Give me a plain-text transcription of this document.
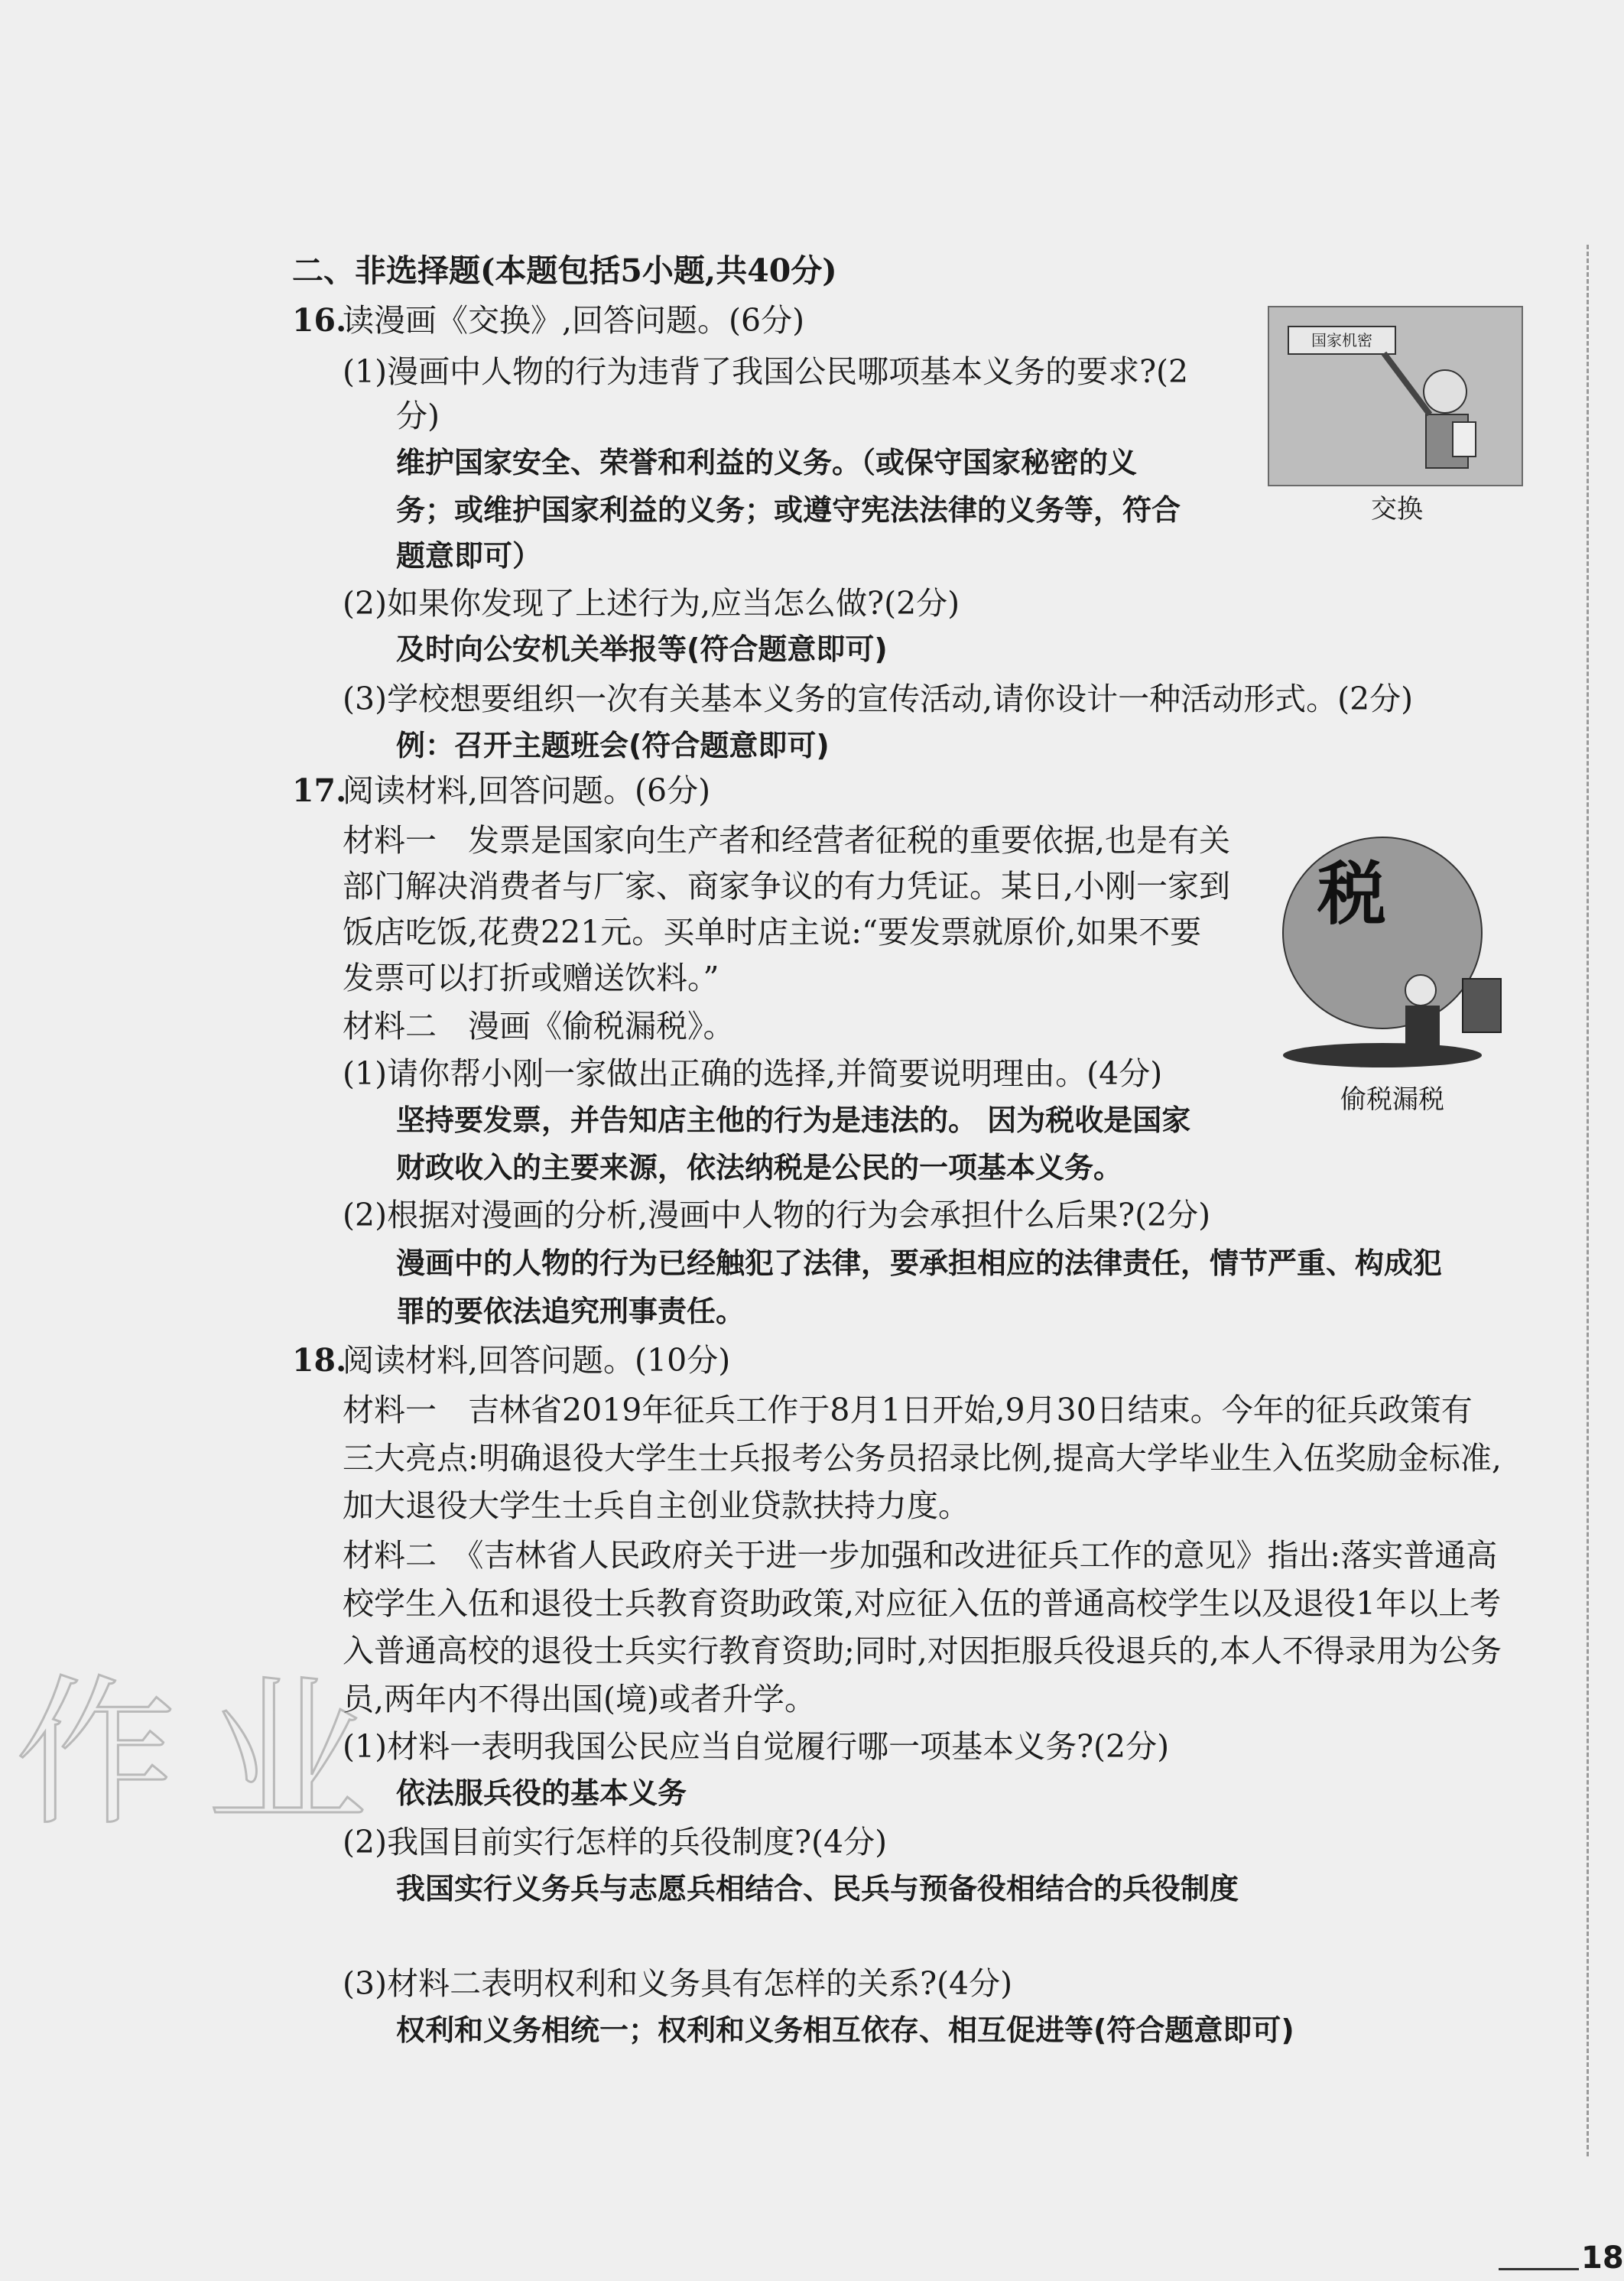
作业
二、非选择题(本题包括5小题,共40分)
16.
读漫画《交换》,回答问题。(6分)
(1)漫画中人物的行为违背了我国公民哪项基本义务的要求?(2
分)
维护国家安全、荣誉和利益的义务。（或保守国家秘密的义
务；或维护国家利益的义务；或遵守宪法法律的义务等，符合
题意即可）
(2)如果你发现了上述行为,应当怎么做?(2分)
及时向公安机关举报等(符合题意即可)
(3)学校想要组织一次有关基本义务的宣传活动,请你设计一种活动形式。(2分)
例：召开主题班会(符合题意即可)
国家机密
交换
17.
阅读材料,回答问题。(6分)
材料一　发票是国家向生产者和经营者征税的重要依据,也是有关
部门解决消费者与厂家、商家争议的有力凭证。某日,小刚一家到
饭店吃饭,花费221元。买单时店主说:“要发票就原价,如果不要
发票可以打折或赠送饮料。”
材料二　漫画《偷税漏税》。
(1)请你帮小刚一家做出正确的选择,并简要说明理由。(4分)
坚持要发票，并告知店主他的行为是违法的。 因为税收是国家
财政收入的主要来源，依法纳税是公民的一项基本义务。
(2)根据对漫画的分析,漫画中人物的行为会承担什么后果?(2分)
漫画中的人物的行为已经触犯了法律，要承担相应的法律责任，情节严重、构成犯
罪的要依法追究刑事责任。
税
偷税漏税
18.
阅读材料,回答问题。(10分)
材料一　吉林省2019年征兵工作于8月1日开始,9月30日结束。今年的征兵政策有
三大亮点:明确退役大学生士兵报考公务员招录比例,提高大学毕业生入伍奖励金标准,
加大退役大学生士兵自主创业贷款扶持力度。
材料二　《吉林省人民政府关于进一步加强和改进征兵工作的意见》指出:落实普通高
校学生入伍和退役士兵教育资助政策,对应征入伍的普通高校学生以及退役1年以上考
入普通高校的退役士兵实行教育资助;同时,对因拒服兵役退兵的,本人不得录用为公务
员,两年内不得出国(境)或者升学。
(1)材料一表明我国公民应当自觉履行哪一项基本义务?(2分)
依法服兵役的基本义务
(2)我国目前实行怎样的兵役制度?(4分)
我国实行义务兵与志愿兵相结合、民兵与预备役相结合的兵役制度
(3)材料二表明权利和义务具有怎样的关系?(4分)
权利和义务相统一；权利和义务相互依存、相互促进等(符合题意即可)
18
